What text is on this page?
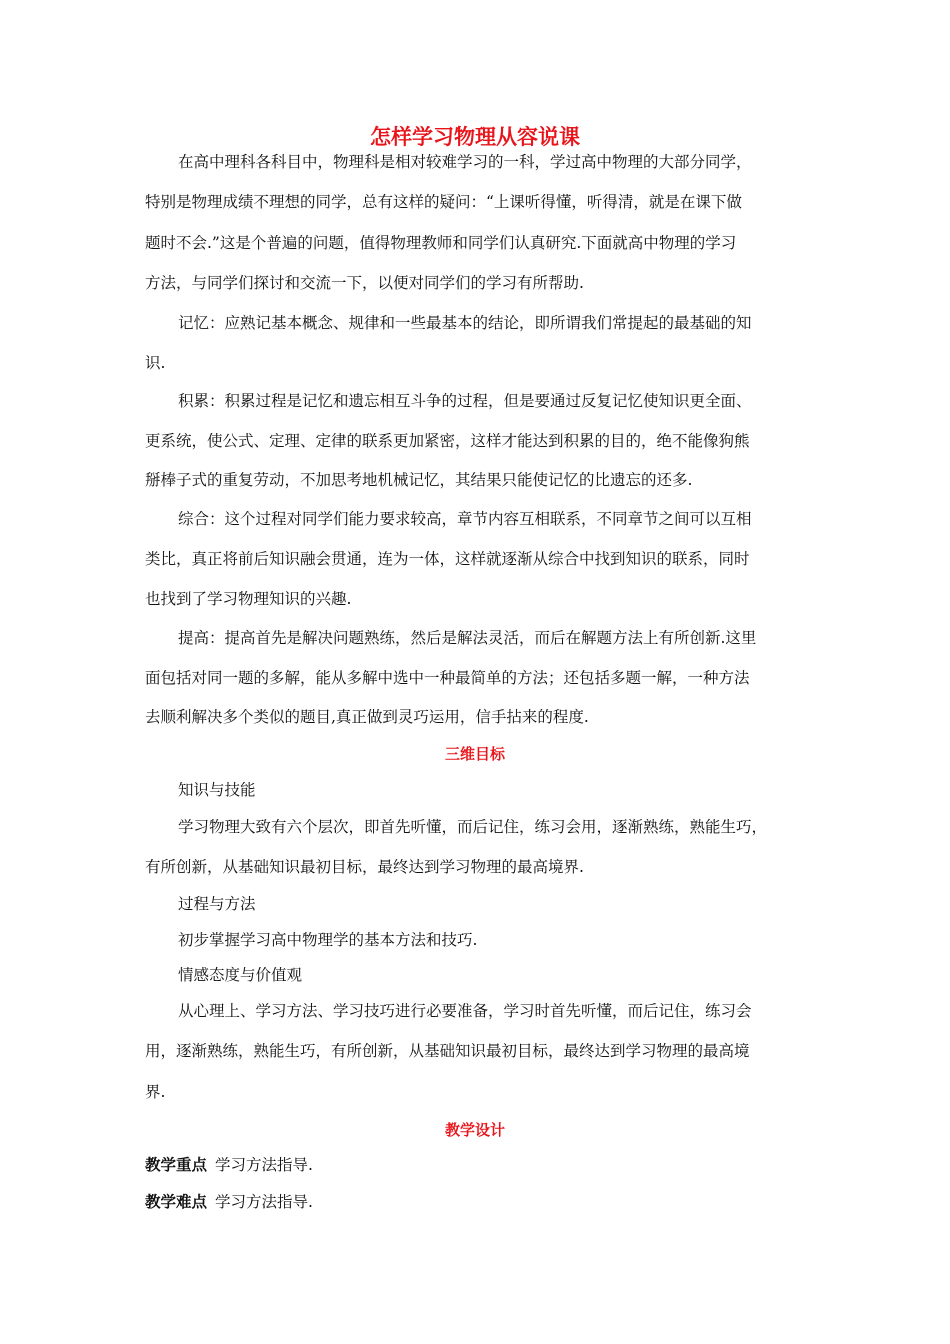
怎样学习物理从容说课
在高中理科各科目中，物理科是相对较难学习的一科，学过高中物理的大部分同学，
特别是物理成绩不理想的同学，总有这样的疑问：“上课听得懂，听得清，就是在课下做
题时不会.”这是个普遍的问题，值得物理教师和同学们认真研究.下面就高中物理的学习
方法，与同学们探讨和交流一下，以便对同学们的学习有所帮助.
记忆：应熟记基本概念、规律和一些最基本的结论，即所谓我们常提起的最基础的知
识.
积累：积累过程是记忆和遗忘相互斗争的过程，但是要通过反复记忆使知识更全面、
更系统，使公式、定理、定律的联系更加紧密，这样才能达到积累的目的，绝不能像狗熊
掰棒子式的重复劳动，不加思考地机械记忆，其结果只能使记忆的比遗忘的还多.
综合：这个过程对同学们能力要求较高，章节内容互相联系，不同章节之间可以互相
类比，真正将前后知识融会贯通，连为一体，这样就逐渐从综合中找到知识的联系，同时
也找到了学习物理知识的兴趣.
提高：提高首先是解决问题熟练，然后是解法灵活，而后在解题方法上有所创新.这里
面包括对同一题的多解，能从多解中选中一种最简单的方法；还包括多题一解，一种方法
去顺利解决多个类似的题目,真正做到灵巧运用，信手拈来的程度.
三维目标
知识与技能
学习物理大致有六个层次，即首先听懂，而后记住，练习会用，逐渐熟练，熟能生巧，
有所创新，从基础知识最初目标，最终达到学习物理的最高境界.
过程与方法
初步掌握学习高中物理学的基本方法和技巧.
情感态度与价值观
从心理上、学习方法、学习技巧进行必要准备，学习时首先听懂，而后记住，练习会
用，逐渐熟练，熟能生巧，有所创新，从基础知识最初目标，最终达到学习物理的最高境
界.
教学设计
教学重点 学习方法指导.
教学难点 学习方法指导.
